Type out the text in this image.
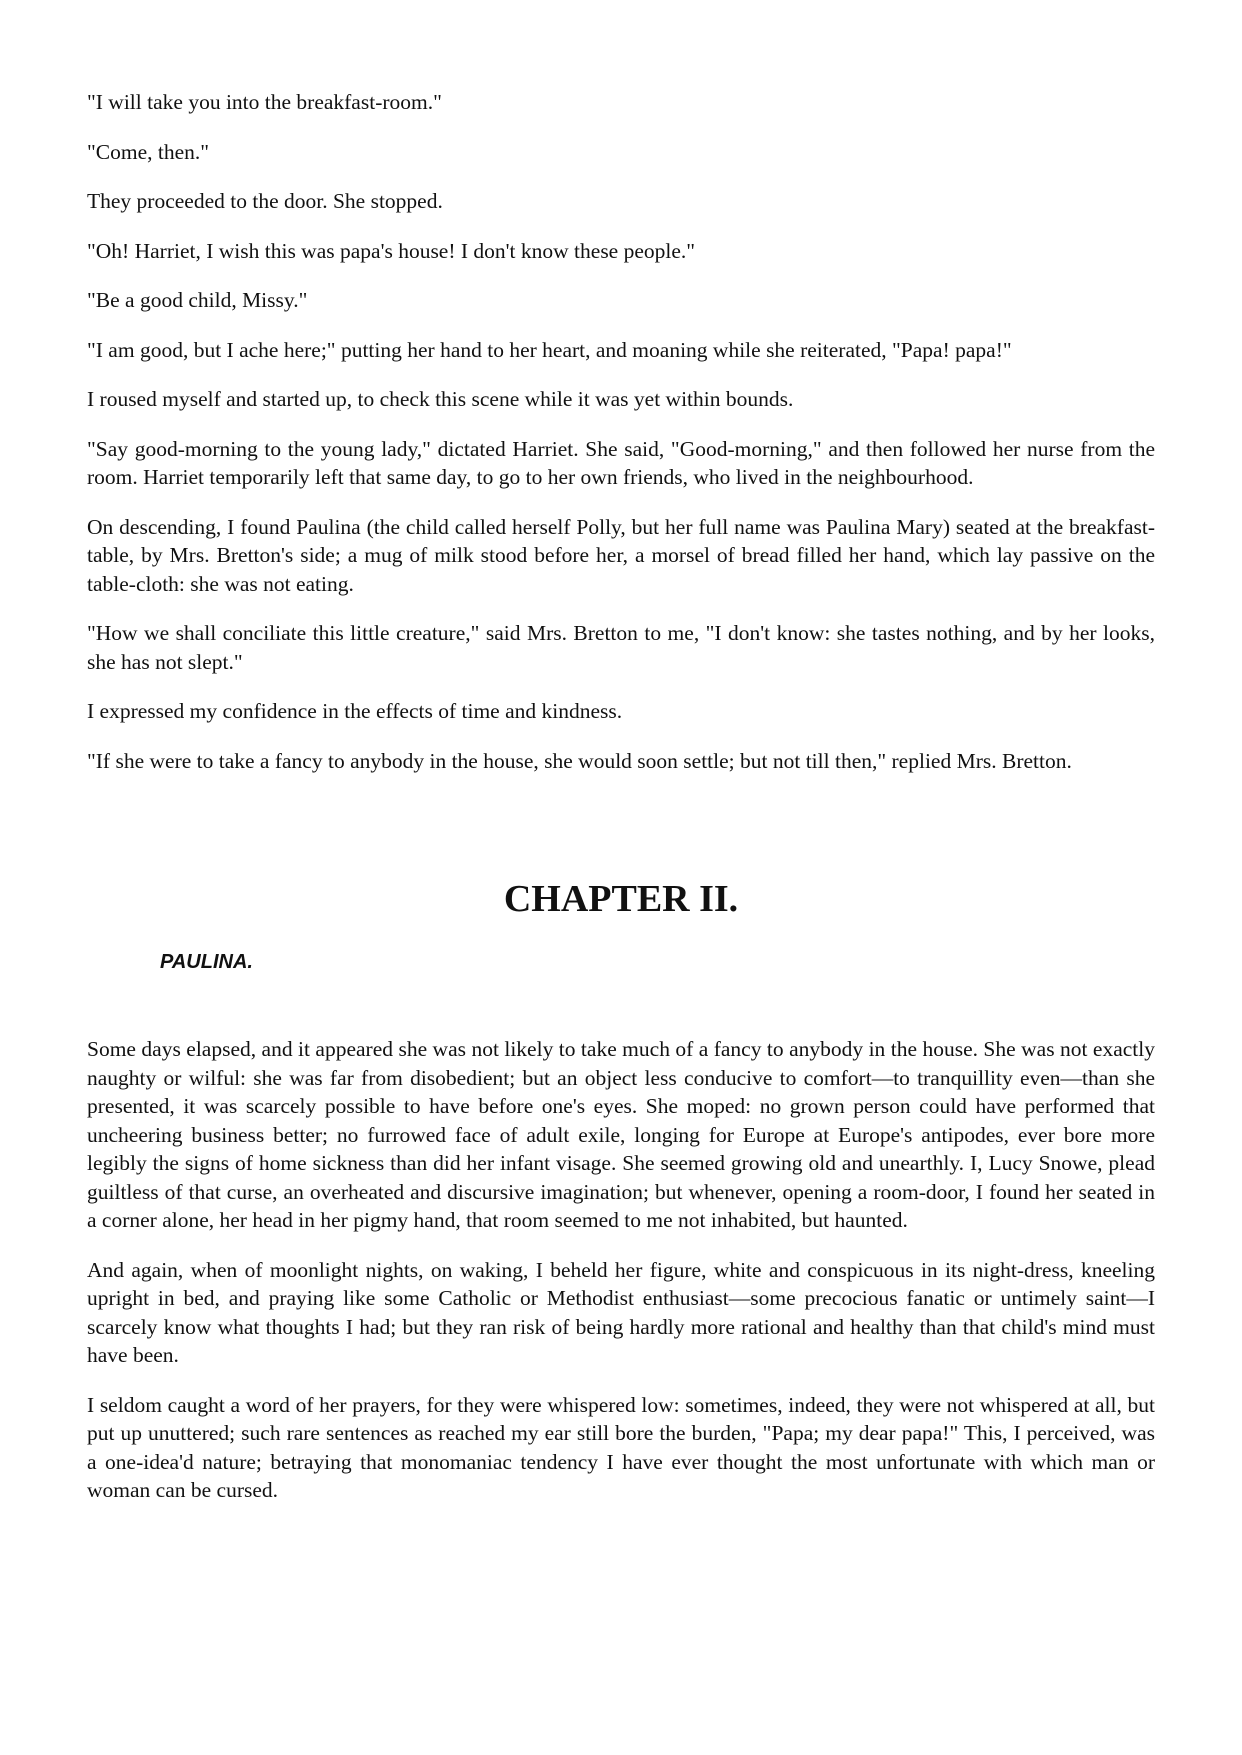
"I will take you into the breakfast-room."

"Come, then."

They proceeded to the door. She stopped.

"Oh! Harriet, I wish this was papa's house! I don't know these people."

"Be a good child, Missy."

"I am good, but I ache here;" putting her hand to her heart, and moaning while she reiterated, "Papa! papa!"

I roused myself and started up, to check this scene while it was yet within bounds.

"Say good-morning to the young lady," dictated Harriet. She said, "Good-morning," and then followed her nurse from the room. Harriet temporarily left that same day, to go to her own friends, who lived in the neighbourhood.

On descending, I found Paulina (the child called herself Polly, but her full name was Paulina Mary) seated at the breakfast-table, by Mrs. Bretton's side; a mug of milk stood before her, a morsel of bread filled her hand, which lay passive on the table-cloth: she was not eating.

"How we shall conciliate this little creature," said Mrs. Bretton to me, "I don't know: she tastes nothing, and by her looks, she has not slept."

I expressed my confidence in the effects of time and kindness.

"If she were to take a fancy to anybody in the house, she would soon settle; but not till then," replied Mrs. Bretton.

CHAPTER II.
PAULINA.

Some days elapsed, and it appeared she was not likely to take much of a fancy to anybody in the house. She was not exactly naughty or wilful: she was far from disobedient; but an object less conducive to comfort—to tranquillity even—than she presented, it was scarcely possible to have before one's eyes. She moped: no grown person could have performed that uncheering business better; no furrowed face of adult exile, longing for Europe at Europe's antipodes, ever bore more legibly the signs of home sickness than did her infant visage. She seemed growing old and unearthly. I, Lucy Snowe, plead guiltless of that curse, an overheated and discursive imagination; but whenever, opening a room-door, I found her seated in a corner alone, her head in her pigmy hand, that room seemed to me not inhabited, but haunted.

And again, when of moonlight nights, on waking, I beheld her figure, white and conspicuous in its night-dress, kneeling upright in bed, and praying like some Catholic or Methodist enthusiast—some precocious fanatic or untimely saint—I scarcely know what thoughts I had; but they ran risk of being hardly more rational and healthy than that child's mind must have been.

I seldom caught a word of her prayers, for they were whispered low: sometimes, indeed, they were not whispered at all, but put up unuttered; such rare sentences as reached my ear still bore the burden, "Papa; my dear papa!" This, I perceived, was a one-idea'd nature; betraying that monomaniac tendency I have ever thought the most unfortunate with which man or woman can be cursed.
